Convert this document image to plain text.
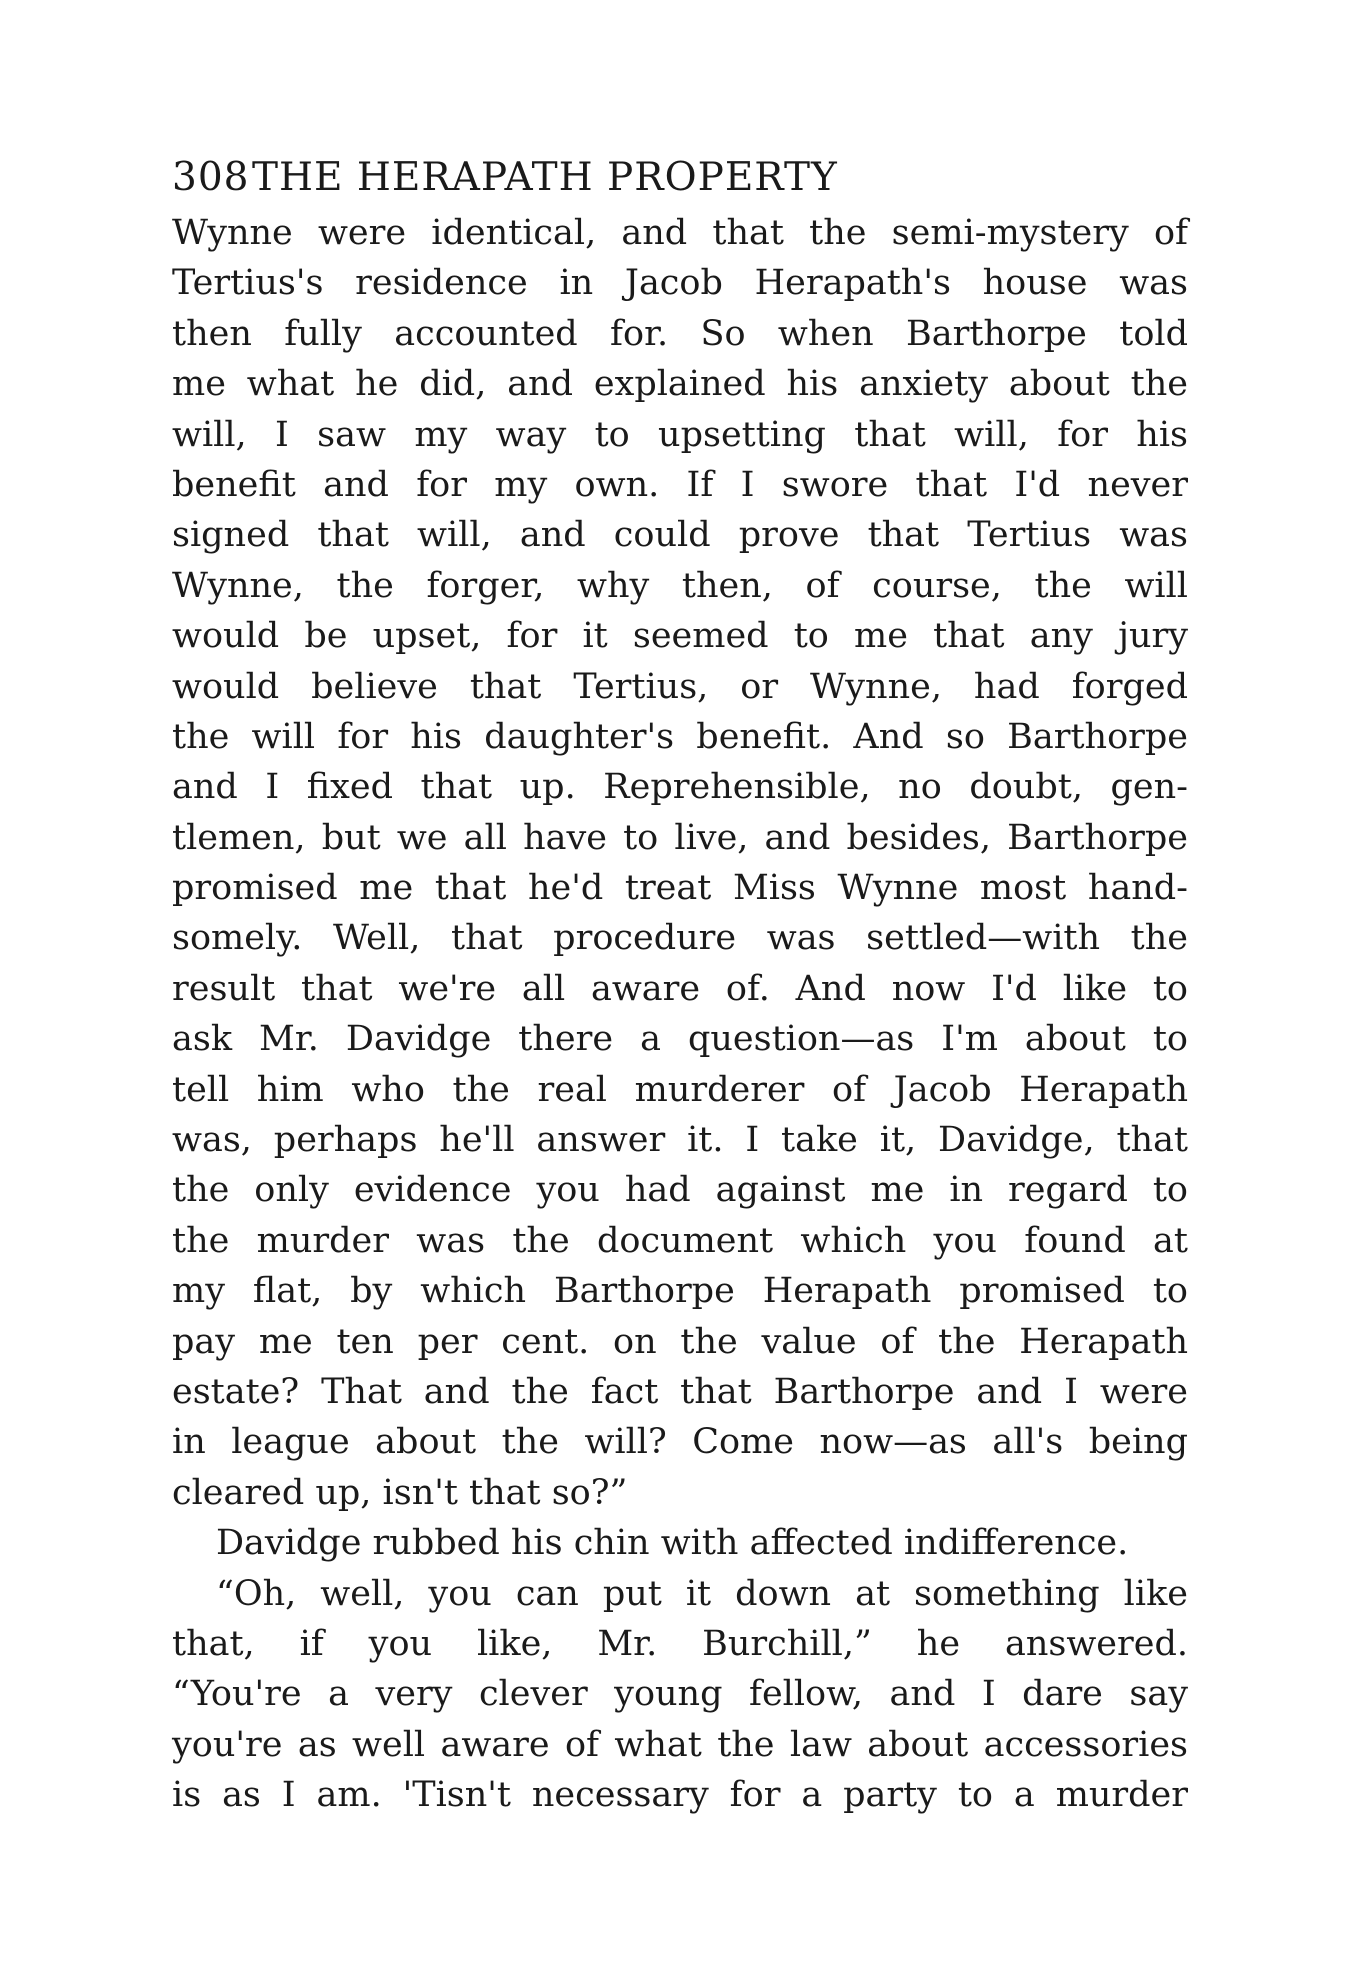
308 THE HERAPATH PROPERTY
Wynne were identical, and that the semi-mystery of
Tertius's residence in Jacob Herapath's house was
then fully accounted for. So when Barthorpe told
me what he did, and explained his anxiety about the
will, I saw my way to upsetting that will, for his
benefit and for my own. If I swore that I'd never
signed that will, and could prove that Tertius was
Wynne, the forger, why then, of course, the will
would be upset, for it seemed to me that any jury
would believe that Tertius, or Wynne, had forged
the will for his daughter's benefit. And so Barthorpe
and I fixed that up. Reprehensible, no doubt, gen-
tlemen, but we all have to live, and besides, Barthorpe
promised me that he'd treat Miss Wynne most hand-
somely. Well, that procedure was settled—with the
result that we're all aware of. And now I'd like to
ask Mr. Davidge there a question—as I'm about to
tell him who the real murderer of Jacob Herapath
was, perhaps he'll answer it. I take it, Davidge, that
the only evidence you had against me in regard to
the murder was the document which you found at
my flat, by which Barthorpe Herapath promised to
pay me ten per cent. on the value of the Herapath
estate? That and the fact that Barthorpe and I were
in league about the will? Come now—as all's being
cleared up, isn't that so?”
Davidge rubbed his chin with affected indifference.
“Oh, well, you can put it down at something like
that, if you like, Mr. Burchill,” he answered.
“You're a very clever young fellow, and I dare say
you're as well aware of what the law about accessories
is as I am. 'Tisn't necessary for a party to a murder
